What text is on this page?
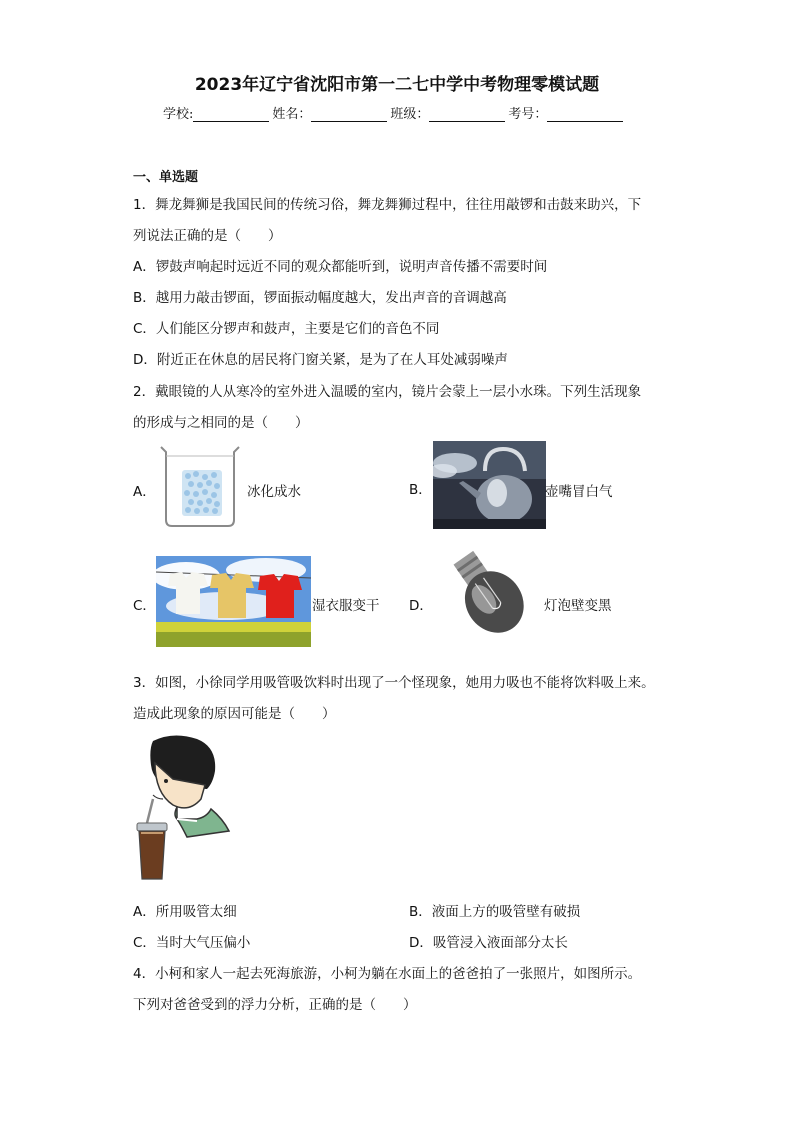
2023年辽宁省沈阳市第一二七中学中考物理零模试题
学校:	姓名：	班级：	考号：
一、单选题
1．舞龙舞狮是我国民间的传统习俗，舞龙舞狮过程中，往往用敲锣和击鼓来助兴，下
列说法正确的是（　　）
A．锣鼓声响起时远近不同的观众都能听到，说明声音传播不需要时间
B．越用力敲击锣面，锣面振动幅度越大，发出声音的音调越高
C．人们能区分锣声和鼓声，主要是它们的音色不同
D．附近正在休息的居民将门窗关紧，是为了在人耳处减弱噪声
2．戴眼镜的人从寒冷的室外进入温暖的室内，镜片会蒙上一层小水珠。下列生活现象
的形成与之相同的是（　　）
A．	冰化成水	B．	壶嘴冒白气
C．	湿衣服变干 D．	灯泡壁变黑
3．如图，小徐同学用吸管吸饮料时出现了一个怪现象，她用力吸也不能将饮料吸上来。
造成此现象的原因可能是（　　）
A．所用吸管太细	B．液面上方的吸管壁有破损
C．当时大气压偏小	D．吸管浸入液面部分太长
4．小柯和家人一起去死海旅游，小柯为躺在水面上的爸爸拍了一张照片，如图所示。
下列对爸爸受到的浮力分析，正确的是（　　）
